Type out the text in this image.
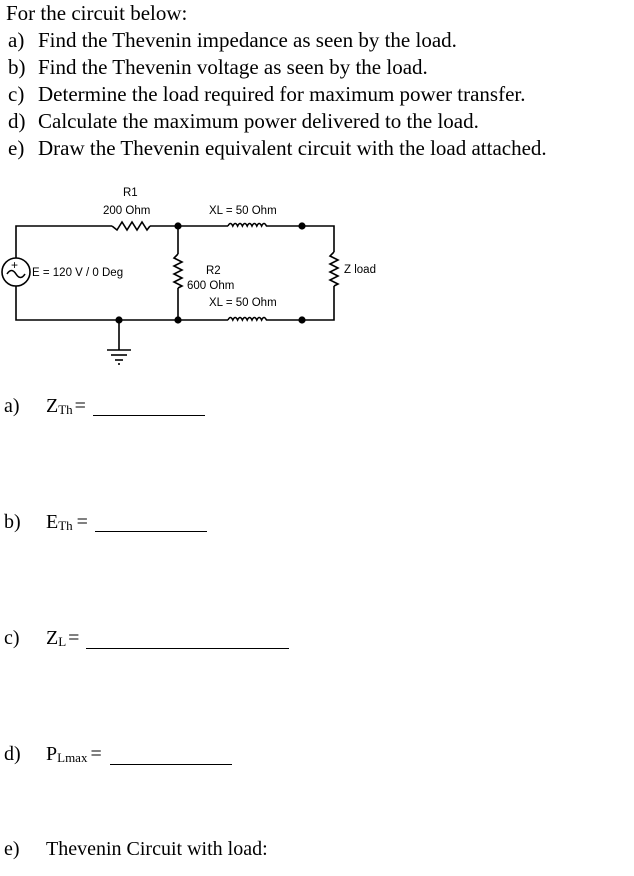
For the circuit below:
a) Find the Thevenin impedance as seen by the load.
b) Find the Thevenin voltage as seen by the load.
c) Determine the load required for maximum power transfer.
d) Calculate the maximum power delivered to the load.
e) Draw the Thevenin equivalent circuit with the load attached.
+
E = 120 V / 0 Deg
R1
200 Ohm	XL = 50 Ohm
R2
600 Ohm
XL = 50 Ohm
Z load
a) $Z_{Th}$ =
b) $E_{Th}$ =
c) $Z_L$ =
d) $P_{Lmax}$ =
e) Thevenin Circuit with load:
